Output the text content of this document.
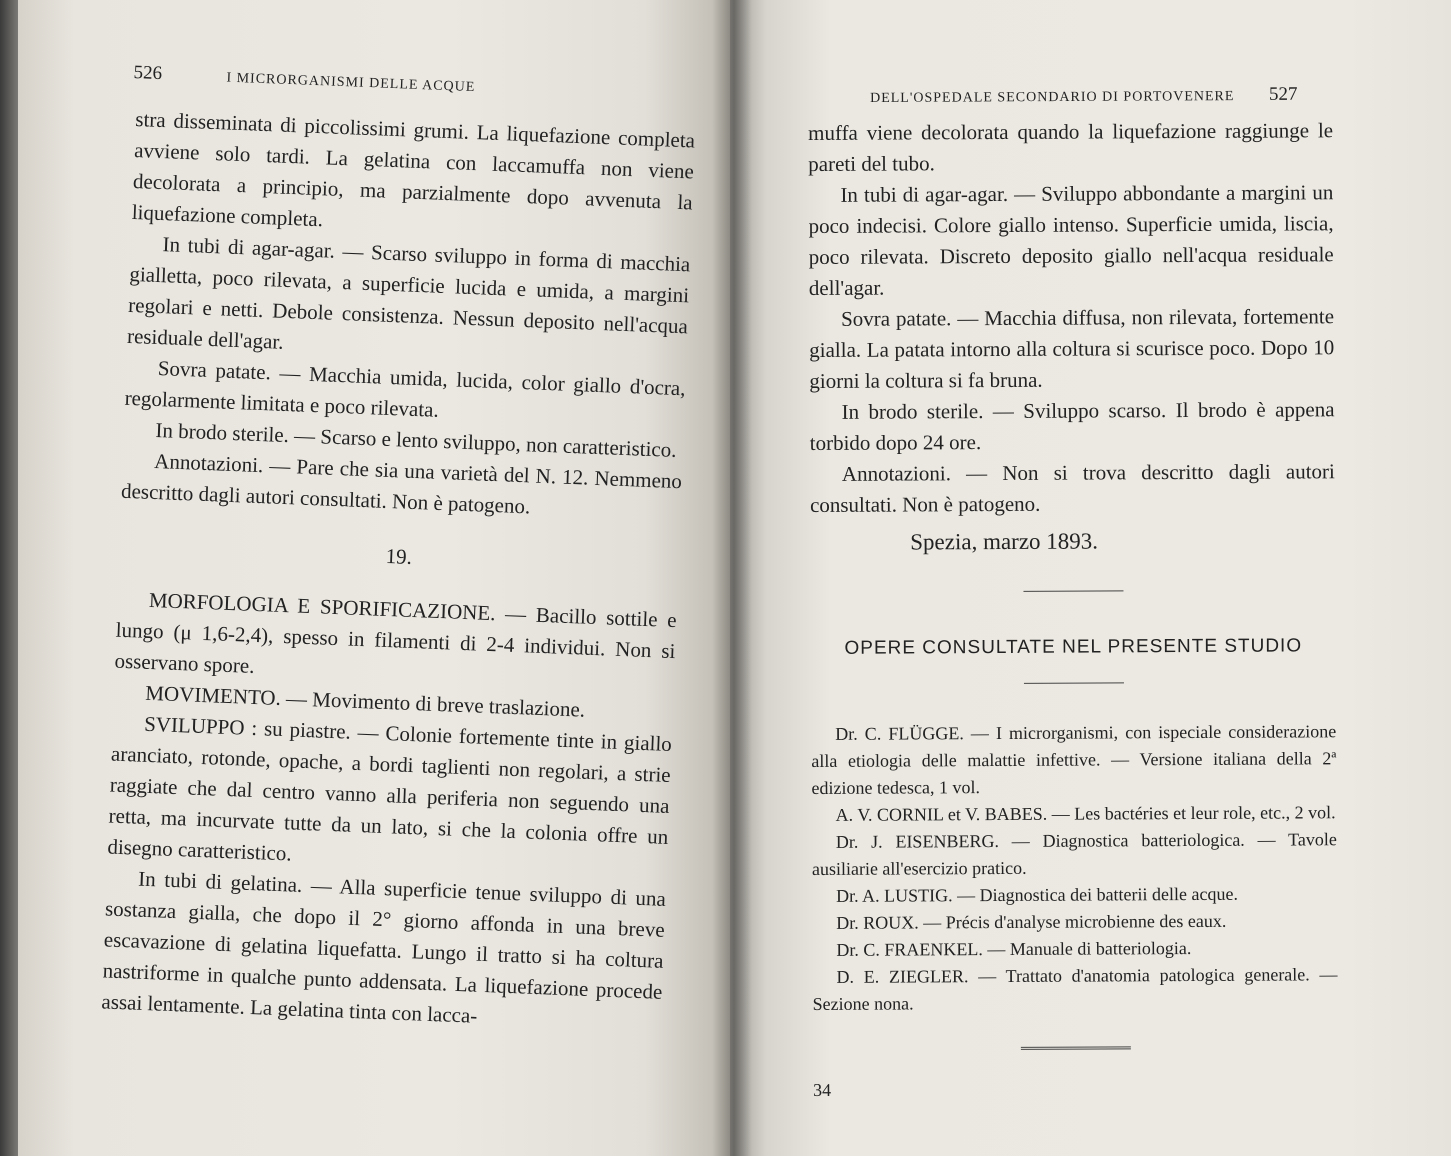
526	I MICRORGANISMI DELLE ACQUE

stra disseminata di piccolissimi grumi. La liquefazione completa avviene solo tardi. La gelatina con laccamuffa non viene decolorata a principio, ma parzialmente dopo avvenuta la liquefazione completa.

In tubi di agar-agar. — Scarso sviluppo in forma di macchia gialletta, poco rilevata, a superficie lucida e umida, a margini regolari e netti. Debole consistenza. Nessun deposito nell'acqua residuale dell'agar.

Sovra patate. — Macchia umida, lucida, color giallo d'ocra, regolarmente limitata e poco rilevata.

In brodo sterile. — Scarso e lento sviluppo, non caratteristico.

Annotazioni. — Pare che sia una varietà del N. 12. Nemmeno descritto dagli autori consultati. Non è patogeno.

19.

MORFOLOGIA E SPORIFICAZIONE. — Bacillo sottile e lungo (μ 1,6-2,4), spesso in filamenti di 2-4 individui. Non si osservano spore.

MOVIMENTO. — Movimento di breve traslazione.

SVILUPPO : su piastre. — Colonie fortemente tinte in giallo aranciato, rotonde, opache, a bordi taglienti non regolari, a strie raggiate che dal centro vanno alla periferia non seguendo una retta, ma incurvate tutte da un lato, si che la colonia offre un disegno caratteristico.

In tubi di gelatina. — Alla superficie tenue sviluppo di una sostanza gialla, che dopo il 2° giorno affonda in una breve escavazione di gelatina liquefatta. Lungo il tratto si ha coltura nastriforme in qualche punto addensata. La liquefazione procede assai lentamente. La gelatina tinta con lacca-

DELL'OSPEDALE SECONDARIO DI PORTOVENERE 527

muffa viene decolorata quando la liquefazione raggiunge le pareti del tubo.

In tubi di agar-agar. — Sviluppo abbondante a margini un poco indecisi. Colore giallo intenso. Superficie umida, liscia, poco rilevata. Discreto deposito giallo nell'acqua residuale dell'agar.

Sovra patate. — Macchia diffusa, non rilevata, fortemente gialla. La patata intorno alla coltura si scurisce poco. Dopo 10 giorni la coltura si fa bruna.

In brodo sterile. — Sviluppo scarso. Il brodo è appena torbido dopo 24 ore.

Annotazioni. — Non si trova descritto dagli autori consultati. Non è patogeno.

Spezia, marzo 1893.

OPERE CONSULTATE NEL PRESENTE STUDIO

Dr. C. FLÜGGE. — I microrganismi, con ispeciale considerazione alla etiologia delle malattie infettive. — Versione italiana della 2ª edizione tedesca, 1 vol.

A. V. CORNIL et V. BABES. — Les bactéries et leur role, etc., 2 vol.

Dr. J. EISENBERG. — Diagnostica batteriologica. — Tavole ausiliarie all'esercizio pratico.

Dr. A. LUSTIG. — Diagnostica dei batterii delle acque.

Dr. ROUX. — Précis d'analyse microbienne des eaux.

Dr. C. FRAENKEL. — Manuale di batteriologia.

D. E. ZIEGLER. — Trattato d'anatomia patologica generale. — Sezione nona.

34
